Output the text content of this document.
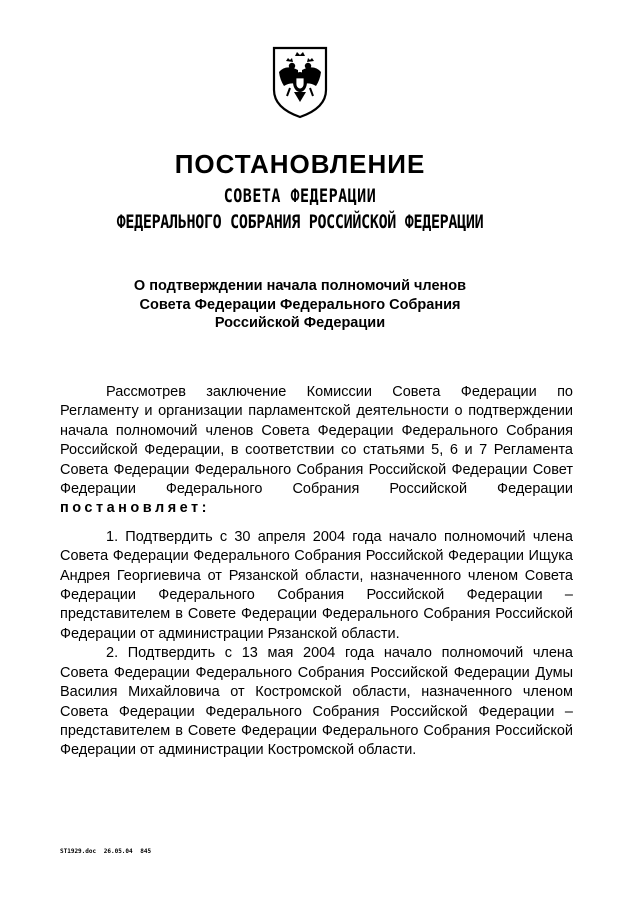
ПОСТАНОВЛЕНИЕ
СОВЕТА ФЕДЕРАЦИИ
ФЕДЕРАЛЬНОГО СОБРАНИЯ РОССИЙСКОЙ ФЕДЕРАЦИИ
О подтверждении начала полномочий членов
Совета Федерации Федерального Собрания
Российской Федерации

Рассмотрев заключение Комиссии Совета Федерации по Регламенту и организации парламентской деятельности о подтверждении начала полномочий членов Совета Федерации Федерального Собрания Российской Федерации, в соответствии со статьями 5, 6 и 7 Регламента Совета Федерации Федерального Собрания Российской Федерации Совет Федерации Федерального Собрания Российской Федерации постановляет:

1. Подтвердить с 30 апреля 2004 года начало полномочий члена Совета Федерации Федерального Собрания Российской Федерации Ищука Андрея Георгиевича от Рязанской области, назначенного членом Совета Федерации Федерального Собрания Российской Федерации – представителем в Совете Федерации Федерального Собрания Российской Федерации от администрации Рязанской области.

2. Подтвердить с 13 мая 2004 года начало полномочий члена Совета Федерации Федерального Собрания Российской Федерации Думы Василия Михайловича от Костромской области, назначенного членом Совета Федерации Федерального Собрания Российской Федерации – представителем в Совете Федерации Федерального Собрания Российской Федерации от администрации Костромской области.

ST1929.doc 26.05.04 845
